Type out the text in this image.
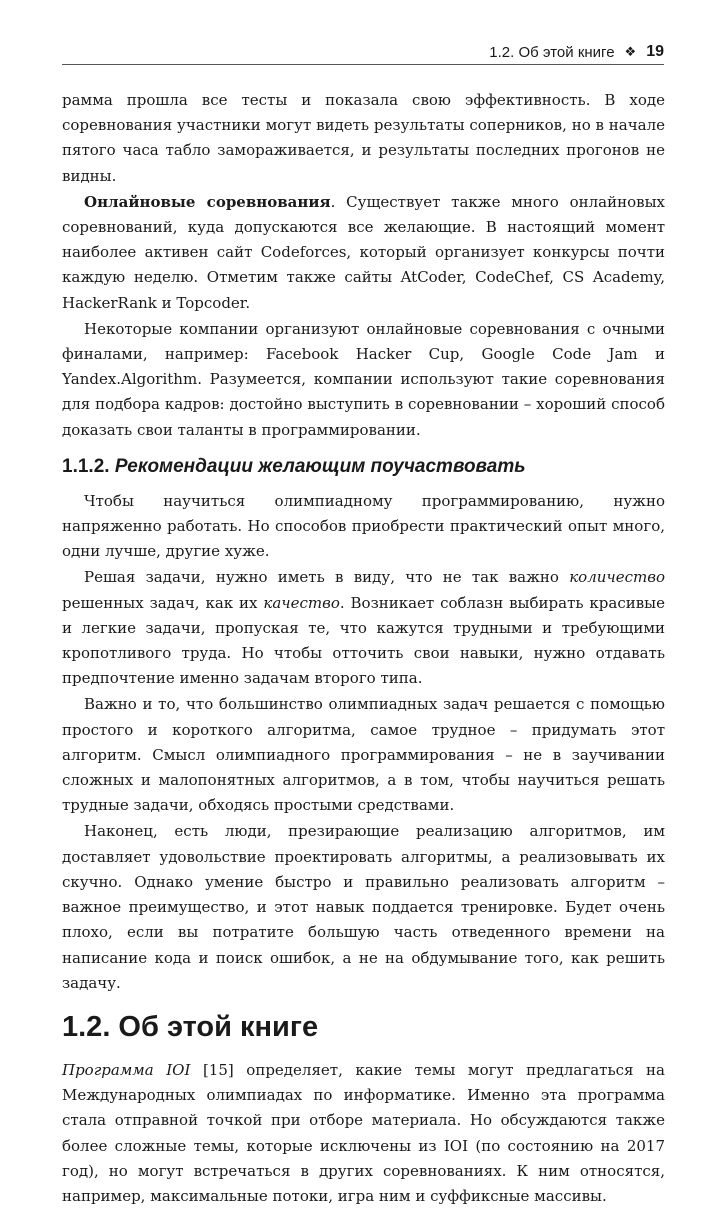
1.2. Об этой книге ❖ 19

рамма прошла все тесты и показала свою эффективность. В ходе соревнования участники могут видеть результаты соперников, но в начале пятого часа табло замораживается, и результаты последних прогонов не видны.

Онлайновые соревнования. Существует также много онлайновых соревнований, куда допускаются все желающие. В настоящий момент наиболее активен сайт Codeforces, который организует конкурсы почти каждую неделю. Отметим также сайты AtCoder, CodeChef, CS Academy, HackerRank и Topcoder.

Некоторые компании организуют онлайновые соревнования с очными финалами, например: Facebook Hacker Cup, Google Code Jam и Yandex.Algorithm. Разумеется, компании используют такие соревнования для подбора кадров: достойно выступить в соревновании – хороший способ доказать свои таланты в программировании.

1.1.2. Рекомендации желающим поучаствовать

Чтобы научиться олимпиадному программированию, нужно напряженно работать. Но способов приобрести практический опыт много, одни лучше, другие хуже.

Решая задачи, нужно иметь в виду, что не так важно количество решенных задач, как их качество. Возникает соблазн выбирать красивые и легкие задачи, пропуская те, что кажутся трудными и требующими кропотливого труда. Но чтобы отточить свои навыки, нужно отдавать предпочтение именно задачам второго типа.

Важно и то, что большинство олимпиадных задач решается с помощью простого и короткого алгоритма, самое трудное – придумать этот алгоритм. Смысл олимпиадного программирования – не в заучивании сложных и малопонятных алгоритмов, а в том, чтобы научиться решать трудные задачи, обходясь простыми средствами.

Наконец, есть люди, презирающие реализацию алгоритмов, им доставляет удовольствие проектировать алгоритмы, а реализовывать их скучно. Однако умение быстро и правильно реализовать алгоритм – важное преимущество, и этот навык поддается тренировке. Будет очень плохо, если вы потратите большую часть отведенного времени на написание кода и поиск ошибок, а не на обдумывание того, как решить задачу.

1.2. Об этой книге

Программа IOI [15] определяет, какие темы могут предлагаться на Международных олимпиадах по информатике. Именно эта программа стала отправной точкой при отборе материала. Но обсуждаются также более сложные темы, которые исключены из IOI (по состоянию на 2017 год), но могут встречаться в других соревнованиях. К ним относятся, например, максимальные потоки, игра ним и суффиксные массивы.
